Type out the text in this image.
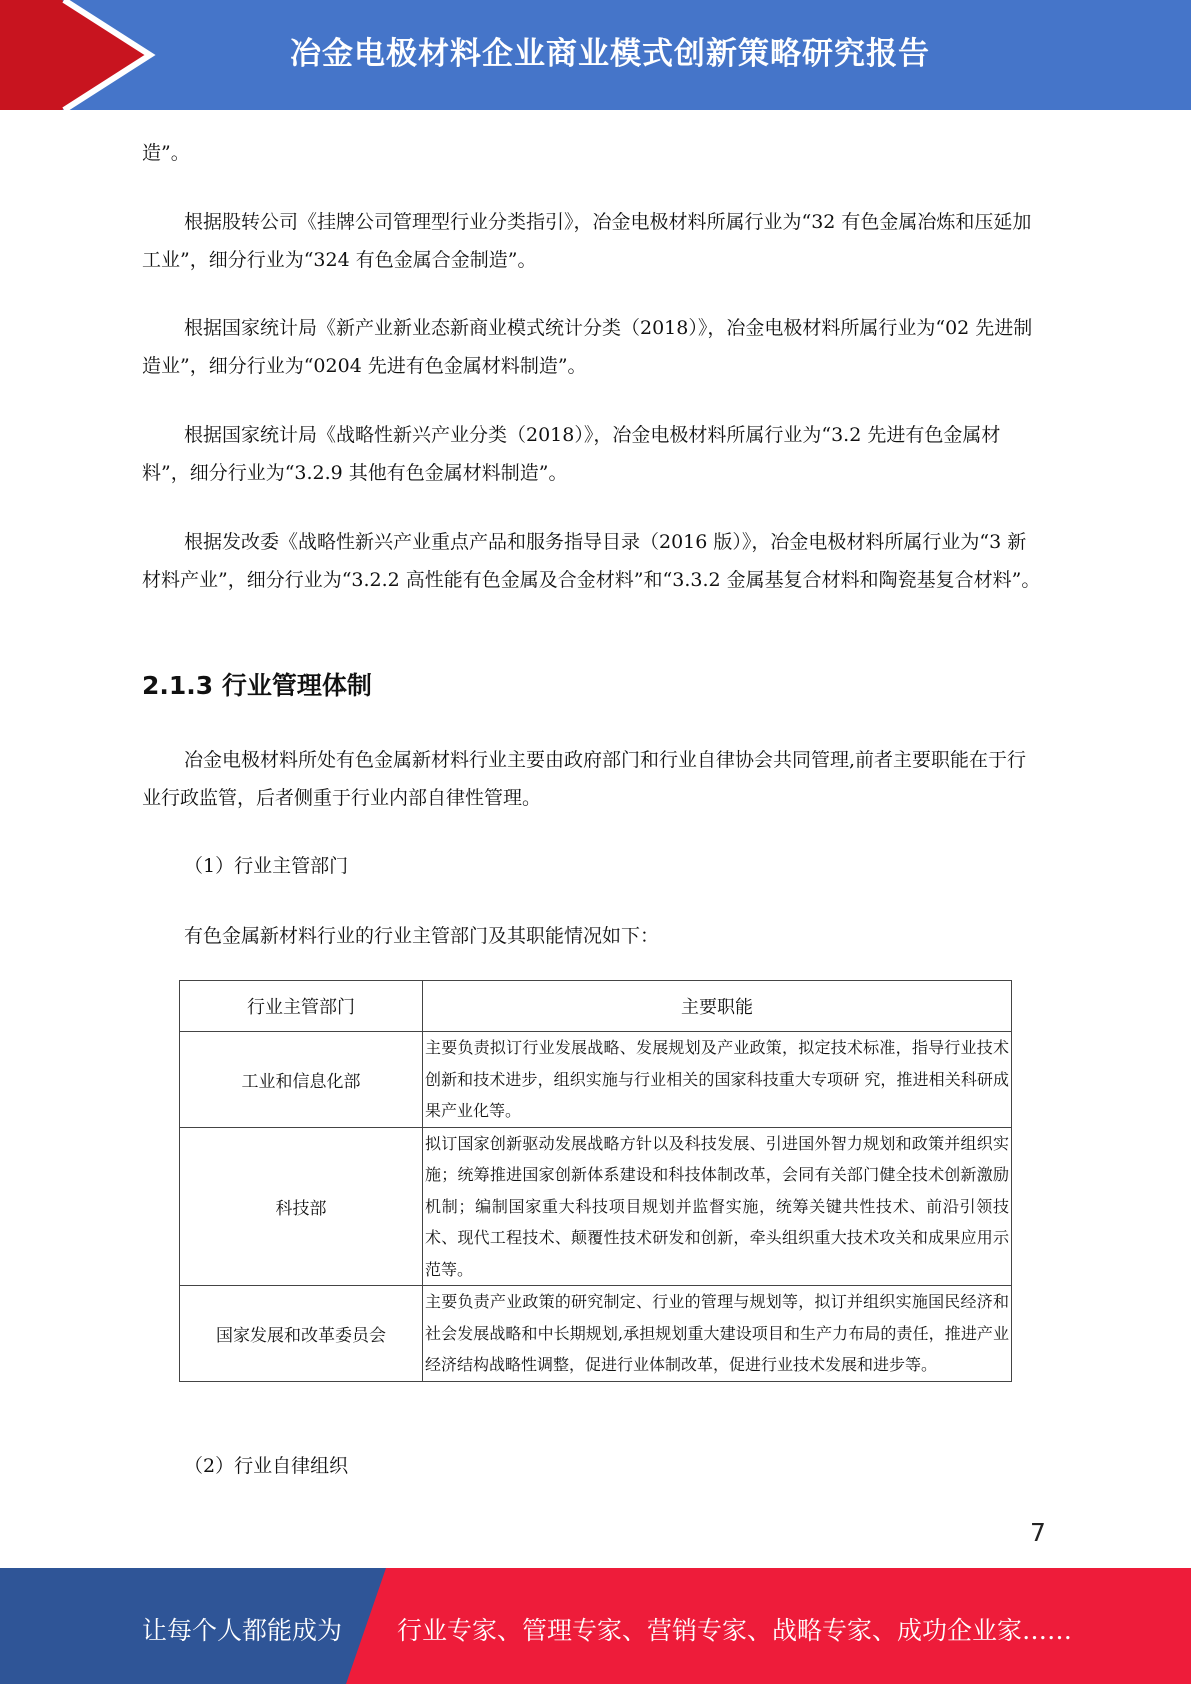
冶金电极材料企业商业模式创新策略研究报告

造”。

根据股转公司《挂牌公司管理型行业分类指引》，冶金电极材料所属行业为“32 有色金属冶炼和压延加工业”，细分行业为“324 有色金属合金制造”。

根据国家统计局《新产业新业态新商业模式统计分类（2018）》，冶金电极材料所属行业为“02 先进制造业”，细分行业为“0204 先进有色金属材料制造”。

根据国家统计局《战略性新兴产业分类（2018）》，冶金电极材料所属行业为“3.2 先进有色金属材料”，细分行业为“3.2.9 其他有色金属材料制造”。

根据发改委《战略性新兴产业重点产品和服务指导目录（2016 版）》，冶金电极材料所属行业为“3 新材料产业”，细分行业为“3.2.2 高性能有色金属及合金材料”和“3.3.2 金属基复合材料和陶瓷基复合材料”。

2.1.3 行业管理体制

冶金电极材料所处有色金属新材料行业主要由政府部门和行业自律协会共同管理,前者主要职能在于行业行政监管，后者侧重于行业内部自律性管理。

（1）行业主管部门

有色金属新材料行业的行业主管部门及其职能情况如下：

行业主管部门	主要职能
工业和信息化部	主要负责拟订行业发展战略、发展规划及产业政策，拟定技术标准，指导行业技术创新和技术进步，组织实施与行业相关的国家科技重大专项研 究，推进相关科研成果产业化等。
科技部	拟订国家创新驱动发展战略方针以及科技发展、引进国外智力规划和政策并组织实施；统筹推进国家创新体系建设和科技体制改革，会同有关部门健全技术创新激励机制；编制国家重大科技项目规划并监督实施，统筹关键共性技术、前沿引领技术、现代工程技术、颠覆性技术研发和创新，牵头组织重大技术攻关和成果应用示范等。
国家发展和改革委员会	主要负责产业政策的研究制定、行业的管理与规划等，拟订并组织实施国民经济和社会发展战略和中长期规划,承担规划重大建设项目和生产力布局的责任，推进产业经济结构战略性调整，促进行业体制改革，促进行业技术发展和进步等。

（2）行业自律组织

7
让每个人都能成为 行业专家、管理专家、营销专家、战略专家、成功企业家……
